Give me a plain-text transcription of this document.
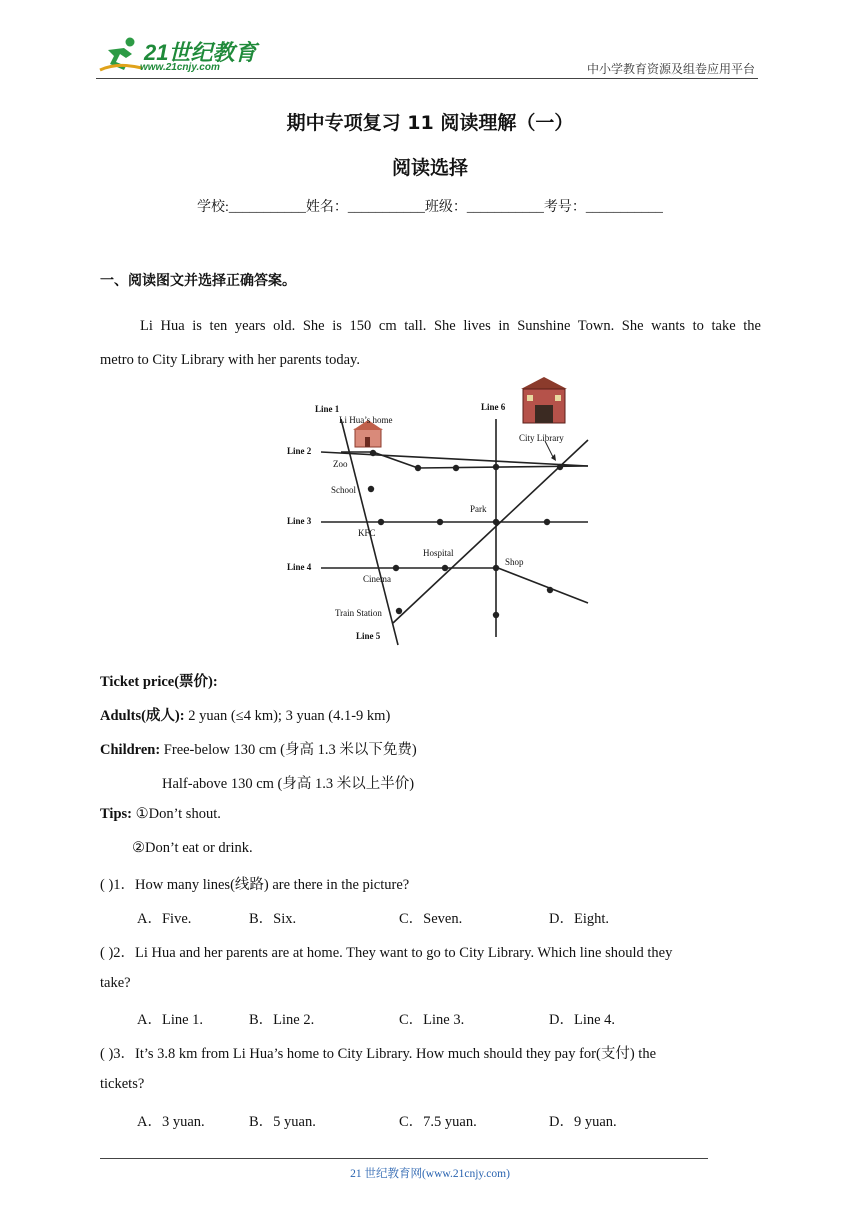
21世纪教育
www.21cnjy.com	中小学教育资源及组卷应用平台
期中专项复习 11 阅读理解（一）
阅读选择
学校:___________姓名：___________班级：___________考号：___________
一、阅读图文并选择正确答案。
Li Hua is ten years old. She is 150 cm tall. She lives in Sunshine Town. She wants to take the
metro to City Library with her parents today.
Line 1
Line 2
Line 3
Line 4
Line 5
Line 6
Li Hua’s home
City Library
Zoo
School
Park
KFC
Hospital
Shop
Cinema
Train Station
Ticket price(票价):
Adults(成人): 2 yuan (≤4 km); 3 yuan (4.1-9 km)
Children: Free-below 130 cm (身高 1.3 米以下免费)
Half-above 130 cm (身高 1.3 米以上半价)
Tips: ①Don’t shout.
②Don’t eat or drink.
( )1．How many lines(线路) are there in the picture?
A．Five.	B．Six.	C．Seven.	D．Eight.
( )2．Li Hua and her parents are at home. They want to go to City Library. Which line should they
take?
A．Line 1.	B．Line 2.	C．Line 3.	D．Line 4.
( )3．It’s 3.8 km from Li Hua’s home to City Library. How much should they pay for(支付) the
tickets?
A．3 yuan.	B．5 yuan.	C．7.5 yuan.	D．9 yuan.
21 世纪教育网(www.21cnjy.com)
